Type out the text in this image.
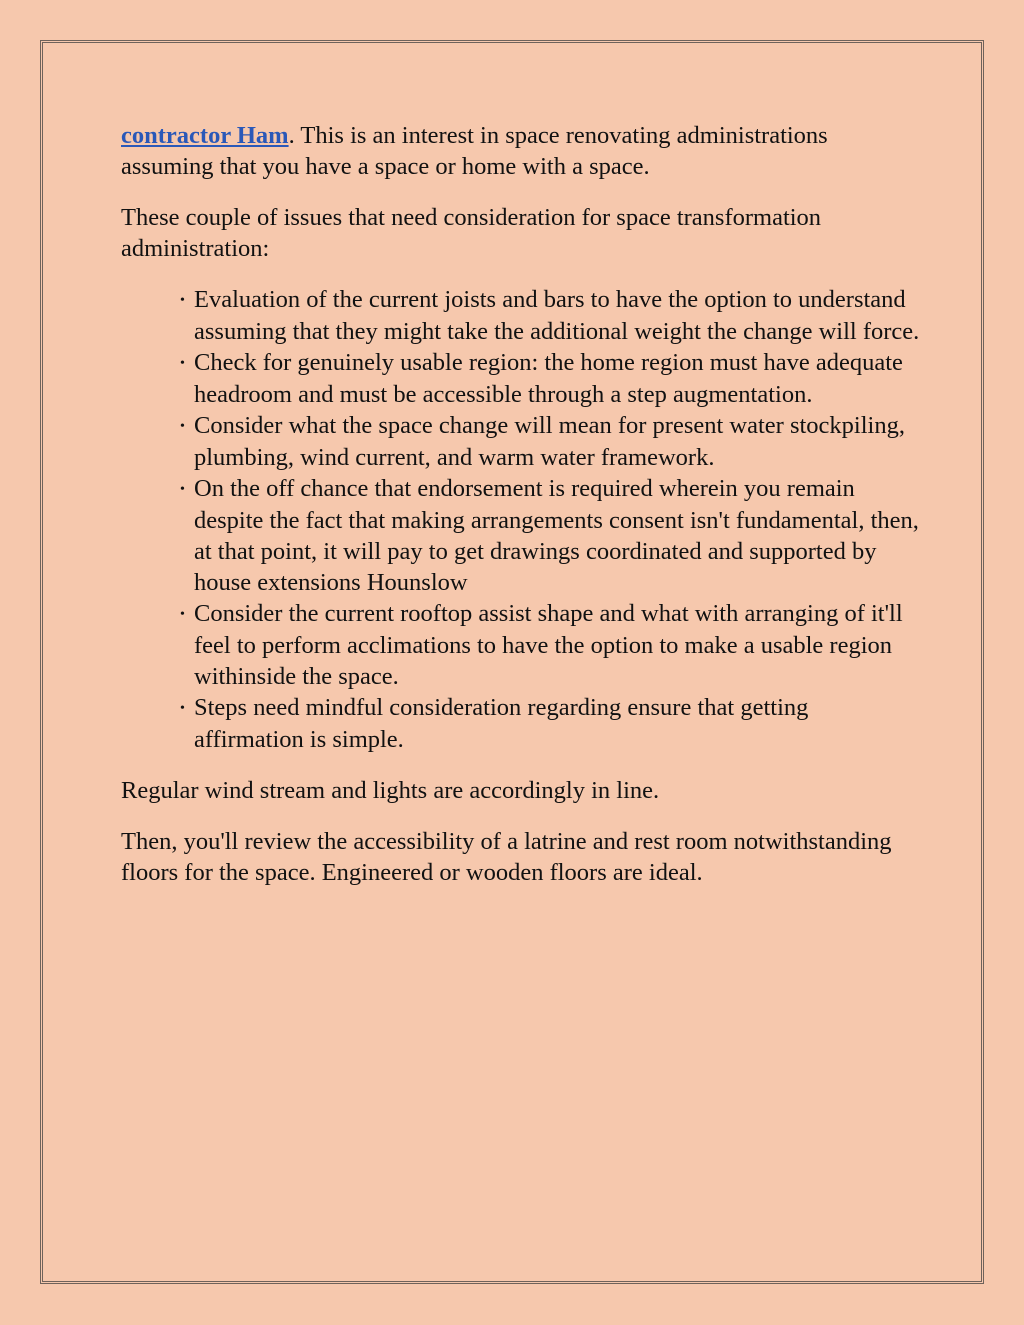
contractor Ham. This is an interest in space renovating administrations assuming that you have a space or home with a space.

These couple of issues that need consideration for space transformation administration:

• Evaluation of the current joists and bars to have the option to understand assuming that they might take the additional weight the change will force.
• Check for genuinely usable region: the home region must have adequate headroom and must be accessible through a step augmentation.
• Consider what the space change will mean for present water stockpiling, plumbing, wind current, and warm water framework.
• On the off chance that endorsement is required wherein you remain despite the fact that making arrangements consent isn't fundamental, then, at that point, it will pay to get drawings coordinated and supported by house extensions Hounslow
• Consider the current rooftop assist shape and what with arranging of it'll feel to perform acclimations to have the option to make a usable region withinside the space.
• Steps need mindful consideration regarding ensure that getting affirmation is simple.

Regular wind stream and lights are accordingly in line.

Then, you'll review the accessibility of a latrine and rest room notwithstanding floors for the space. Engineered or wooden floors are ideal.
